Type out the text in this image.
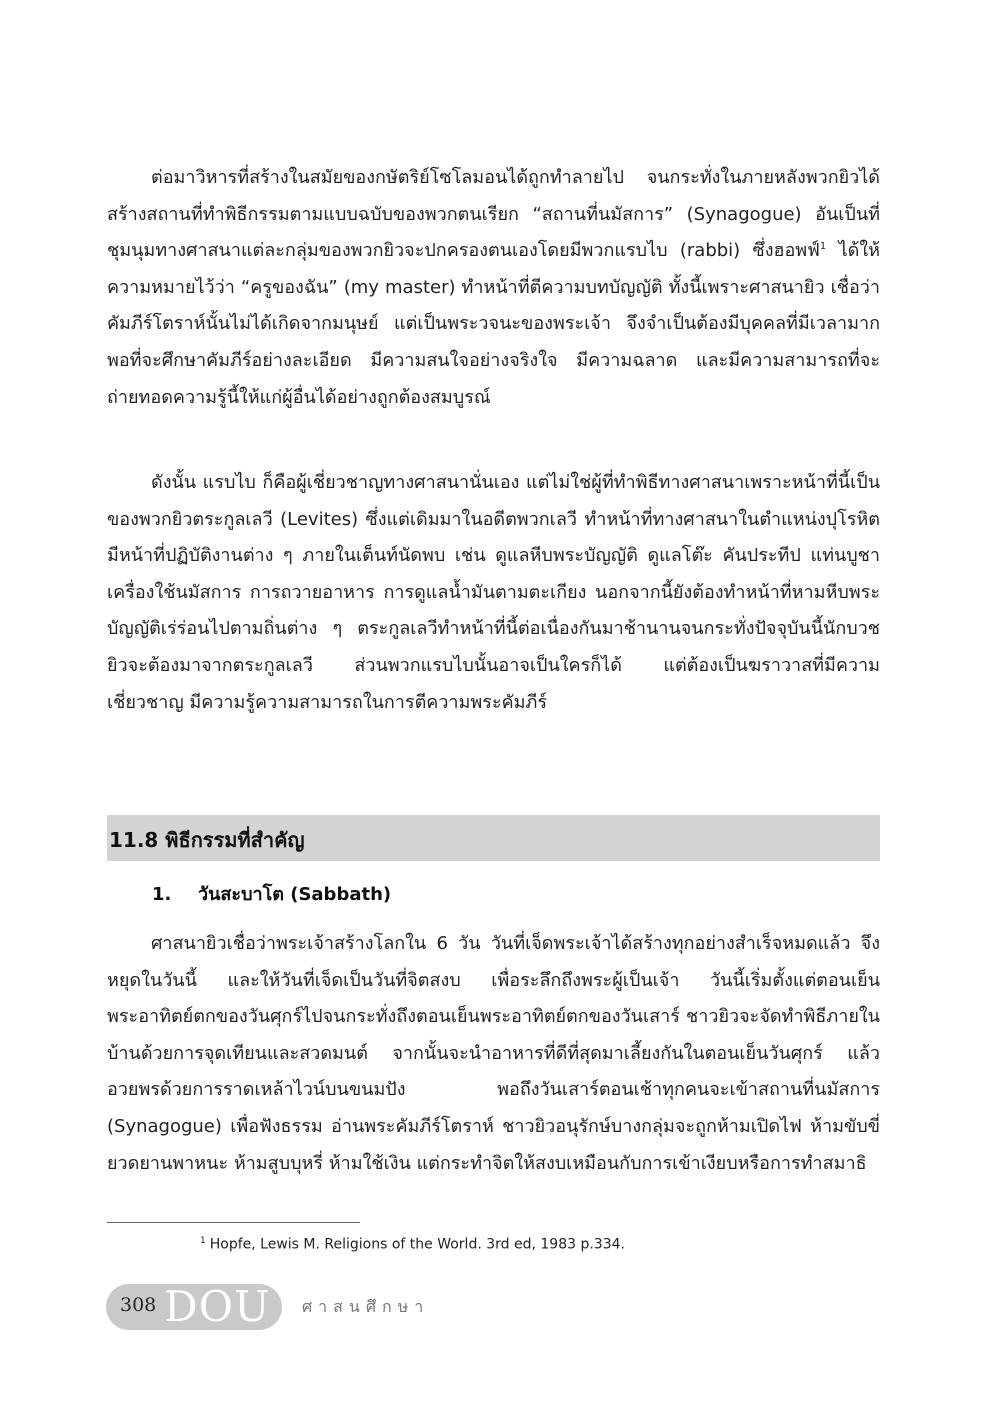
ต่อมาวิหารที่สร้างในสมัยของกษัตริย์โซโลมอนได้ถูกทำลายไป จนกระทั่งในภายหลังพวกยิวได้สร้างสถานที่ทำพิธีกรรมตามแบบฉบับของพวกตนเรียก “สถานที่นมัสการ” (Synagogue) อันเป็นที่ชุมนุมทางศาสนาแต่ละกลุ่มของพวกยิวจะปกครองตนเองโดยมีพวกแรบไบ (rabbi) ซึ่งฮอพฟ์$^1$ ได้ให้ความหมายไว้ว่า “ครูของฉัน” (my master) ทำหน้าที่ตีความบทบัญญัติ ทั้งนี้เพราะศาสนายิว เชื่อว่าคัมภีร์โตราห์นั้นไม่ได้เกิดจากมนุษย์ แต่เป็นพระวจนะของพระเจ้า จึงจำเป็นต้องมีบุคคลที่มีเวลามากพอที่จะศึกษาคัมภีร์อย่างละเอียด มีความสนใจอย่างจริงใจ มีความฉลาด และมีความสามารถที่จะถ่ายทอดความรู้นี้ให้แก่ผู้อื่นได้อย่างถูกต้องสมบูรณ์

ดังนั้น แรบไบ ก็คือผู้เชี่ยวชาญทางศาสนานั่นเอง แต่ไม่ใช่ผู้ที่ทำพิธีทางศาสนาเพราะหน้าที่นี้เป็นของพวกยิวตระกูลเลวี (Levites) ซึ่งแต่เดิมมาในอดีตพวกเลวี ทำหน้าที่ทางศาสนาในตำแหน่งปุโรหิตมีหน้าที่ปฏิบัติงานต่าง ๆ ภายในเต็นท์นัดพบ เช่น ดูแลหีบพระบัญญัติ ดูแลโต๊ะ คันประทีป แท่นบูชา เครื่องใช้นมัสการ การถวายอาหาร การดูแลน้ำมันตามตะเกียง นอกจากนี้ยังต้องทำหน้าที่หามหีบพระบัญญัติเร่ร่อนไปตามถิ่นต่าง ๆ ตระกูลเลวีทำหน้าที่นี้ต่อเนื่องกันมาช้านานจนกระทั่งปัจจุบันนี้นักบวชยิวจะต้องมาจากตระกูลเลวี ส่วนพวกแรบไบนั้นอาจเป็นใครก็ได้ แต่ต้องเป็นฆราวาสที่มีความเชี่ยวชาญ มีความรู้ความสามารถในการตีความพระคัมภีร์

11.8 พิธีกรรมที่สำคัญ
1. วันสะบาโต (Sabbath)

ศาสนายิวเชื่อว่าพระเจ้าสร้างโลกใน 6 วัน วันที่เจ็ดพระเจ้าได้สร้างทุกอย่างสำเร็จหมดแล้ว จึงหยุดในวันนี้ และให้วันที่เจ็ดเป็นวันที่จิตสงบ เพื่อระลึกถึงพระผู้เป็นเจ้า วันนี้เริ่มตั้งแต่ตอนเย็นพระอาทิตย์ตกของวันศุกร์ไปจนกระทั่งถึงตอนเย็นพระอาทิตย์ตกของวันเสาร์ ชาวยิวจะจัดทำพิธีภายในบ้านด้วยการจุดเทียนและสวดมนต์ จากนั้นจะนำอาหารที่ดีที่สุดมาเลี้ยงกันในตอนเย็นวันศุกร์ แล้วอวยพรด้วยการราดเหล้าไวน์บนขนมปัง พอถึงวันเสาร์ตอนเช้าทุกคนจะเข้าสถานที่นมัสการ (Synagogue) เพื่อฟังธรรม อ่านพระคัมภีร์โตราห์ ชาวยิวอนุรักษ์บางกลุ่มจะถูกห้ามเปิดไฟ ห้ามขับขี่ยวดยานพาหนะ ห้ามสูบบุหรี่ ห้ามใช้เงิน แต่กระทำจิตให้สงบเหมือนกับการเข้าเงียบหรือการทำสมาธิ

$^1$ Hopfe, Lewis M. Religions of the World. 3rd ed, 1983 p.334.

308 DOU ศาสนศึกษา
